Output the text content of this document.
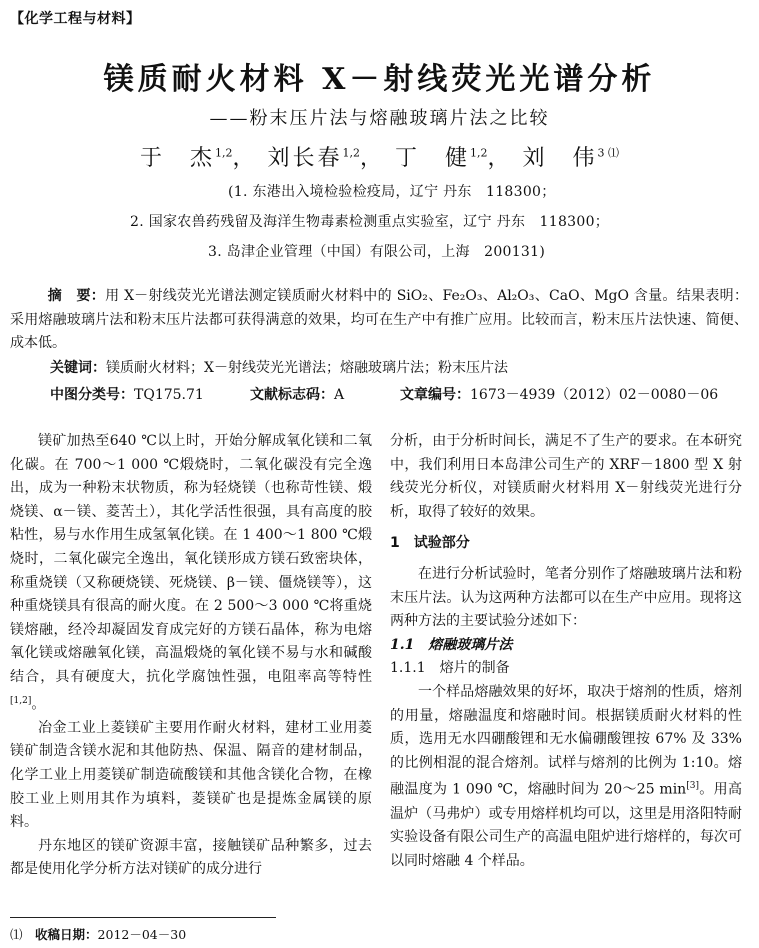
【化学工程与材料】
镁质耐火材料 X－射线荧光光谱分析
——粉末压片法与熔融玻璃片法之比较
于　杰$^{1,2}$， 刘长春$^{1,2}$， 丁　健$^{1,2}$， 刘　伟$^{3 ⑴}$
(1. 东港出入境检验检疫局，辽宁 丹东　118300；
2. 国家农兽药残留及海洋生物毒素检测重点实验室，辽宁 丹东　118300；
3. 岛津企业管理（中国）有限公司，上海　200131)
摘　要：用 X－射线荧光光谱法测定镁质耐火材料中的 SiO₂、Fe₂O₃、Al₂O₃、CaO、MgO 含量。结果表明：采用熔融玻璃片法和粉末压片法都可获得满意的效果，均可在生产中有推广应用。比较而言，粉末压片法快速、简便、成本低。
关键词：镁质耐火材料；X－射线荧光光谱法；熔融玻璃片法；粉末压片法
中图分类号：TQ175.71	文献标志码：A	文章编号：1673－4939（2012）02－0080－06

镁矿加热至640 ℃以上时，开始分解成氧化镁和二氧化碳。在 700～1 000 ℃煅烧时，二氧化碳没有完全逸出，成为一种粉末状物质，称为轻烧镁（也称苛性镁、煅烧镁、α－镁、菱苦土），其化学活性很强，具有高度的胶粘性，易与水作用生成氢氧化镁。在 1 400～1 800 ℃煅烧时，二氧化碳完全逸出，氧化镁形成方镁石致密块体，称重烧镁（又称硬烧镁、死烧镁、β－镁、僵烧镁等），这种重烧镁具有很高的耐火度。在 2 500～3 000 ℃将重烧镁熔融，经冷却凝固发育成完好的方镁石晶体，称为电熔氧化镁或熔融氧化镁，高温煅烧的氧化镁不易与水和碱酸结合，具有硬度大，抗化学腐蚀性强，电阻率高等特性[1,2]。

冶金工业上菱镁矿主要用作耐火材料，建材工业用菱镁矿制造含镁水泥和其他防热、保温、隔音的建材制品，化学工业上用菱镁矿制造硫酸镁和其他含镁化合物，在橡胶工业上则用其作为填料，菱镁矿也是提炼金属镁的原料。

丹东地区的镁矿资源丰富，接触镁矿品种繁多，过去都是使用化学分析方法对镁矿的成分进行

分析，由于分析时间长，满足不了生产的要求。在本研究中，我们利用日本岛津公司生产的 XRF－1800 型 X 射线荧光分析仪，对镁质耐火材料用 X－射线荧光进行分析，取得了较好的效果。

1　试验部分

在进行分析试验时，笔者分别作了熔融玻璃片法和粉末压片法。认为这两种方法都可以在生产中应用。现将这两种方法的主要试验分述如下：

1.1　熔融玻璃片法
1.1.1　熔片的制备

一个样品熔融效果的好坏，取决于熔剂的性质，熔剂的用量，熔融温度和熔融时间。根据镁质耐火材料的性质，选用无水四硼酸锂和无水偏硼酸锂按 67% 及 33% 的比例相混的混合熔剂。试样与熔剂的比例为 1:10。熔融温度为 1 090 ℃，熔融时间为 20～25 min[3]。用高温炉（马弗炉）或专用熔样机均可以，这里是用洛阳特耐实验设备有限公司生产的高温电阻炉进行熔样的，每次可以同时熔融 4 个样品。

⑴　 收稿日期：2012－04－30
